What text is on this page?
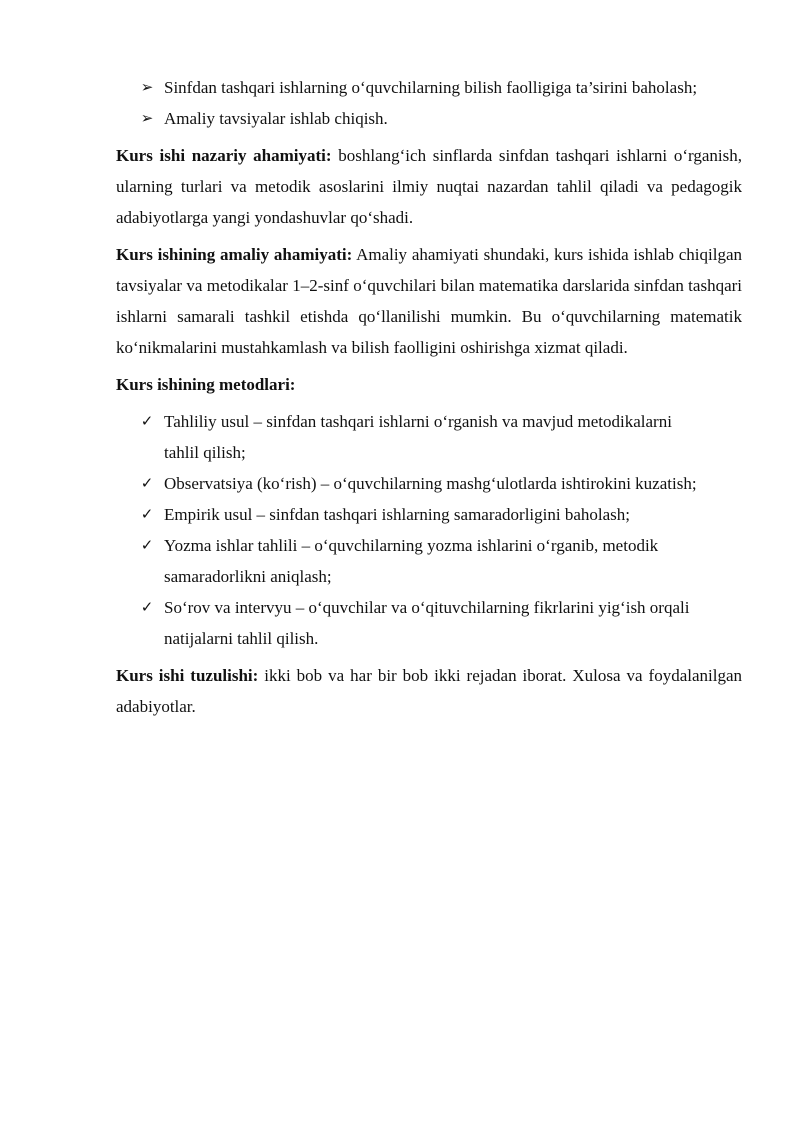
➢ Sinfdan tashqari ishlarning o‘quvchilarning bilish faolligiga ta’sirini baholash;
➢ Amaliy tavsiyalar ishlab chiqish.

Kurs ishi nazariy ahamiyati: boshlang‘ich sinflarda sinfdan tashqari ishlarni o‘rganish, ularning turlari va metodik asoslarini ilmiy nuqtai nazardan tahlil qiladi va pedagogik adabiyotlarga yangi yondashuvlar qo‘shadi.

Kurs ishining amaliy ahamiyati: Amaliy ahamiyati shundaki, kurs ishida ishlab chiqilgan tavsiyalar va metodikalar 1–2-sinf o‘quvchilari bilan matematika darslarida sinfdan tashqari ishlarni samarali tashkil etishda qo‘llanilishi mumkin. Bu o‘quvchilarning matematik ko‘nikmalarini mustahkamlash va bilish faolligini oshirishga xizmat qiladi.

Kurs ishining metodlari:

✓ Tahliliy usul – sinfdan tashqari ishlarni o‘rganish va mavjud metodikalarni tahlil qilish;
✓ Observatsiya (ko‘rish) – o‘quvchilarning mashg‘ulotlarda ishtirokini kuzatish;
✓ Empirik usul – sinfdan tashqari ishlarning samaradorligini baholash;
✓ Yozma ishlar tahlili – o‘quvchilarning yozma ishlarini o‘rganib, metodik samaradorlikni aniqlash;
✓ So‘rov va intervyu – o‘quvchilar va o‘qituvchilarning fikrlarini yig‘ish orqali natijalarni tahlil qilish.

Kurs ishi tuzulishi: ikki bob va har bir bob ikki rejadan iborat. Xulosa va foydalanilgan adabiyotlar.
